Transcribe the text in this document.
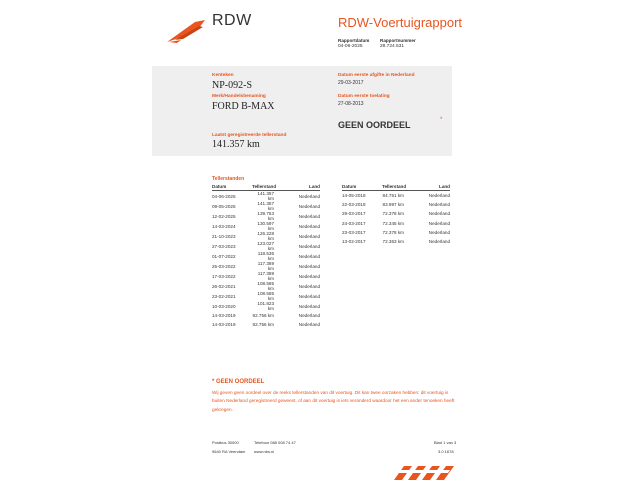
RDW	RDW-Voertuigrapport
Rapportdatum
04-06-2025
Rapportnummer
28.724.531
Kenteken
NP-092-S
Merk/Handelsbenaming
FORD B-MAX
Laatst geregistreerde tellerstand
141.357 km
Datum eerste afgifte in Nederland
29-03-2017
Datum eerste toelating
27-08-2013
GEEN OORDEEL	*
Tellerstanden
Datum	Tellerstand	Land
04-06-2025	141.357 km	Nederland
09-05-2025	141.357 km	Nederland
12-02-2025	139.753 km	Nederland
14-03-2024	130.597 km	Nederland
21-10-2023	126.228 km	Nederland
27-03-2023	123.027 km	Nederland
01-07-2022	118.536 km	Nederland
25-03-2022	117.389 km	Nederland
17-03-2022	117.389 km	Nederland
26-02-2021	108.585 km	Nederland
23-02-2021	108.585 km	Nederland
10-03-2020	101.823 km	Nederland
14-03-2019	92.756 km	Nederland
14-03-2019	92.756 km	Nederland
Datum	Tellerstand	Land
14-05-2018	84.751 km	Nederland
22-03-2018	83.997 km	Nederland
29-03-2017	72.378 km	Nederland
24-03-2017	72.345 km	Nederland
23-03-2017	72.378 km	Nederland
13-02-2017	72.363 km	Nederland
* GEEN OORDEEL
Wij geven geen oordeel over de reeks tellerstanden van dit voertuig. Dit kan twee oorzaken hebben: dit voertuig is buiten Nederland geregistreerd geweest, of aan dit voertuig is iets veranderd waardoor het een ander tenoeken heeft gekregen.
Postbus 30000
9640 RA Veendam
Telefoon 088 008 74 47
www.rdw.nl
Blad 1 van 3
3.0 1678
